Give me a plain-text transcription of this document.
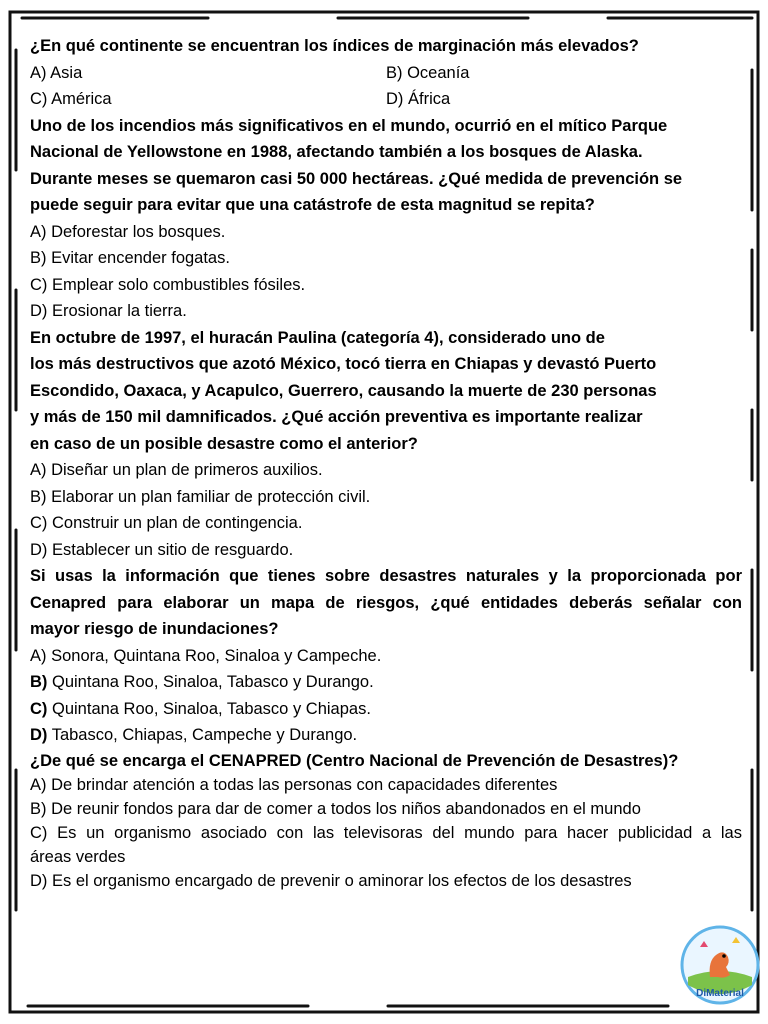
¿En qué continente se encuentran los índices de marginación más elevados?
A) Asia	B) Oceanía
C) América	D) África
Uno de los incendios más significativos en el mundo, ocurrió en el mítico Parque
Nacional de Yellowstone en 1988, afectando también a los bosques de Alaska.
Durante meses se quemaron casi 50 000 hectáreas. ¿Qué medida de prevención se
puede seguir para evitar que una catástrofe de esta magnitud se repita?
A) Deforestar los bosques.
B) Evitar encender fogatas.
C) Emplear solo combustibles fósiles.
D) Erosionar la tierra.
En octubre de 1997, el huracán Paulina (categoría 4), considerado uno de
los más destructivos que azotó México, tocó tierra en Chiapas y devastó Puerto
Escondido, Oaxaca, y Acapulco, Guerrero, causando la muerte de 230 personas
y más de 150 mil damnificados. ¿Qué acción preventiva es importante realizar
en caso de un posible desastre como el anterior?
A) Diseñar un plan de primeros auxilios.
B) Elaborar un plan familiar de protección civil.
C) Construir un plan de contingencia.
D) Establecer un sitio de resguardo.
Si usas la información que tienes sobre desastres naturales y la proporcionada por
Cenapred para elaborar un mapa de riesgos, ¿qué entidades deberás señalar con
mayor riesgo de inundaciones?
A) Sonora, Quintana Roo, Sinaloa y Campeche.
B) Quintana Roo, Sinaloa, Tabasco y Durango.
C) Quintana Roo, Sinaloa, Tabasco y Chiapas.
D) Tabasco, Chiapas, Campeche y Durango.
¿De qué se encarga el CENAPRED (Centro Nacional de Prevención de Desastres)?
A) De brindar atención a todas las personas con capacidades diferentes
B) De reunir fondos para dar de comer a todos los niños abandonados en el mundo
C) Es un organismo asociado con las televisoras del mundo para hacer publicidad a las
áreas verdes
D) Es el organismo encargado de prevenir o aminorar los efectos de los desastres
DiMaterial
